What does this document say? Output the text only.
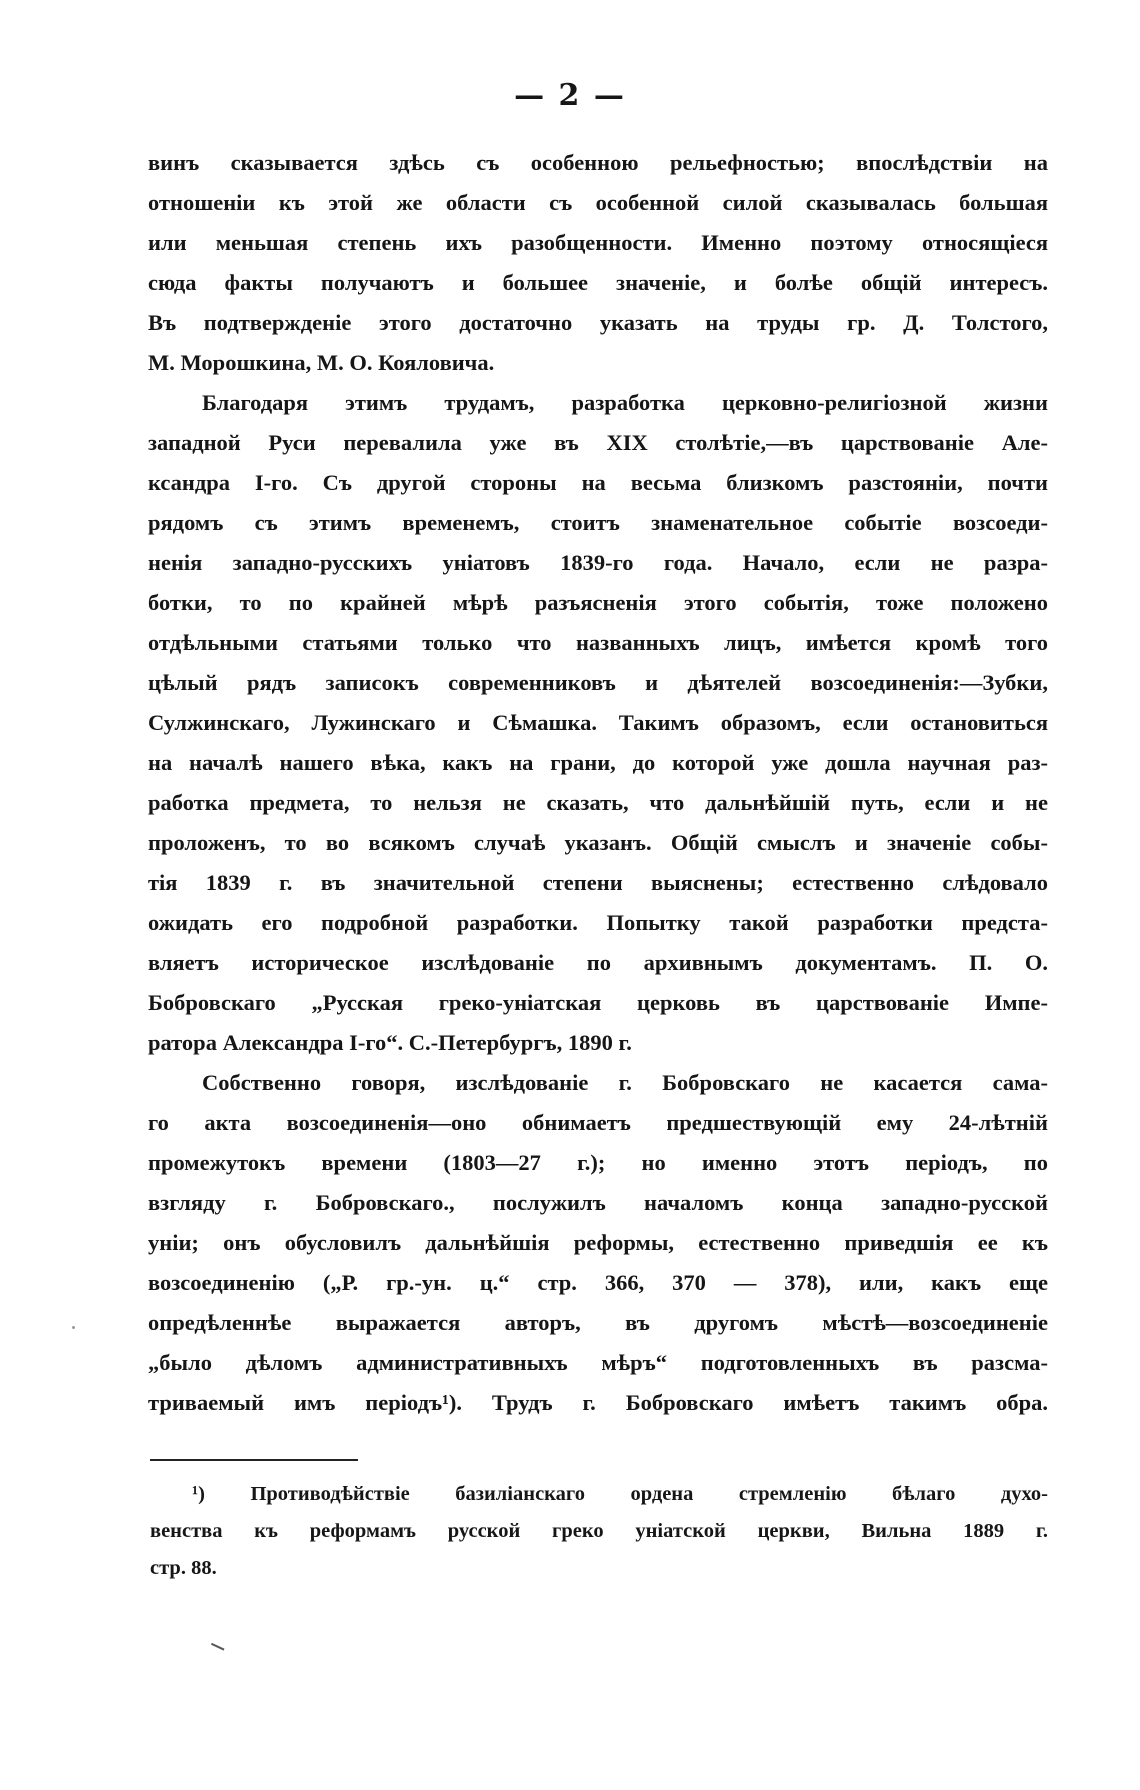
— 2 —
винъ сказывается здѣсь съ особенною рельефностью; впослѣдствіи на
отношеніи къ этой же области съ особенной силой сказывалась большая
или меньшая степень ихъ разобщенности. Именно поэтому относящіеся
сюда факты получаютъ и большее значеніе, и болѣе общій интересъ.
Въ подтвержденіе этого достаточно указать на труды гр. Д. Толстого,
М. Морошкина, М. О. Кояловича.
Благодаря этимъ трудамъ, разработка церковно-религіозной жизни
западной Руси перевалила уже въ XIX столѣтіе,—въ царствованіе Але-
ксандра I-го. Съ другой стороны на весьма близкомъ разстояніи, почти
рядомъ съ этимъ временемъ, стоитъ знаменательное событіе возсоеди-
ненія западно-русскихъ уніатовъ 1839-го года. Начало, если не разра-
ботки, то по крайней мѣрѣ разъясненія этого событія, тоже положено
отдѣльными статьями только что названныхъ лицъ, имѣется кромѣ того
цѣлый рядъ записокъ современниковъ и дѣятелей возсоединенія:—Зубки,
Сулжинскаго, Лужинскаго и Сѣмашка. Такимъ образомъ, если остановиться
на началѣ нашего вѣка, какъ на грани, до которой уже дошла научная раз-
работка предмета, то нельзя не сказать, что дальнѣйшій путь, если и не
проложенъ, то во всякомъ случаѣ указанъ. Общій смыслъ и значеніе собы-
тія 1839 г. въ значительной степени выяснены; естественно слѣдовало
ожидать его подробной разработки. Попытку такой разработки предста-
вляетъ историческое изслѣдованіе по архивнымъ документамъ. П. О.
Бобровскаго „Русская греко-уніатская церковь въ царствованіе Импе-
ратора Александра I-го“. С.-Петербургъ, 1890 г.
Собственно говоря, изслѣдованіе г. Бобровскаго не касается сама-
го акта возсоединенія—оно обнимаетъ предшествующій ему 24-лѣтній
промежутокъ времени (1803—27 г.); но именно этотъ періодъ, по
взгляду г. Бобровскаго., послужилъ началомъ конца западно-русской
уніи; онъ обусловилъ дальнѣйшія реформы, естественно приведшія ее къ
возсоединенію („Р. гр.-ун. ц.“ стр. 366, 370 — 378), или, какъ еще
опредѣленнѣе выражается авторъ, въ другомъ мѣстѣ—возсоединеніе
„было дѣломъ административныхъ мѣръ“ подготовленныхъ въ разсма-
триваемый имъ періодъ¹). Трудъ г. Бобровскаго имѣетъ такимъ обра.
¹) Противодѣйствіе базиліанскаго ордена стремленію бѣлаго духо-
венства къ реформамъ русской греко уніатской церкви, Вильна 1889 г.
стр. 88.
